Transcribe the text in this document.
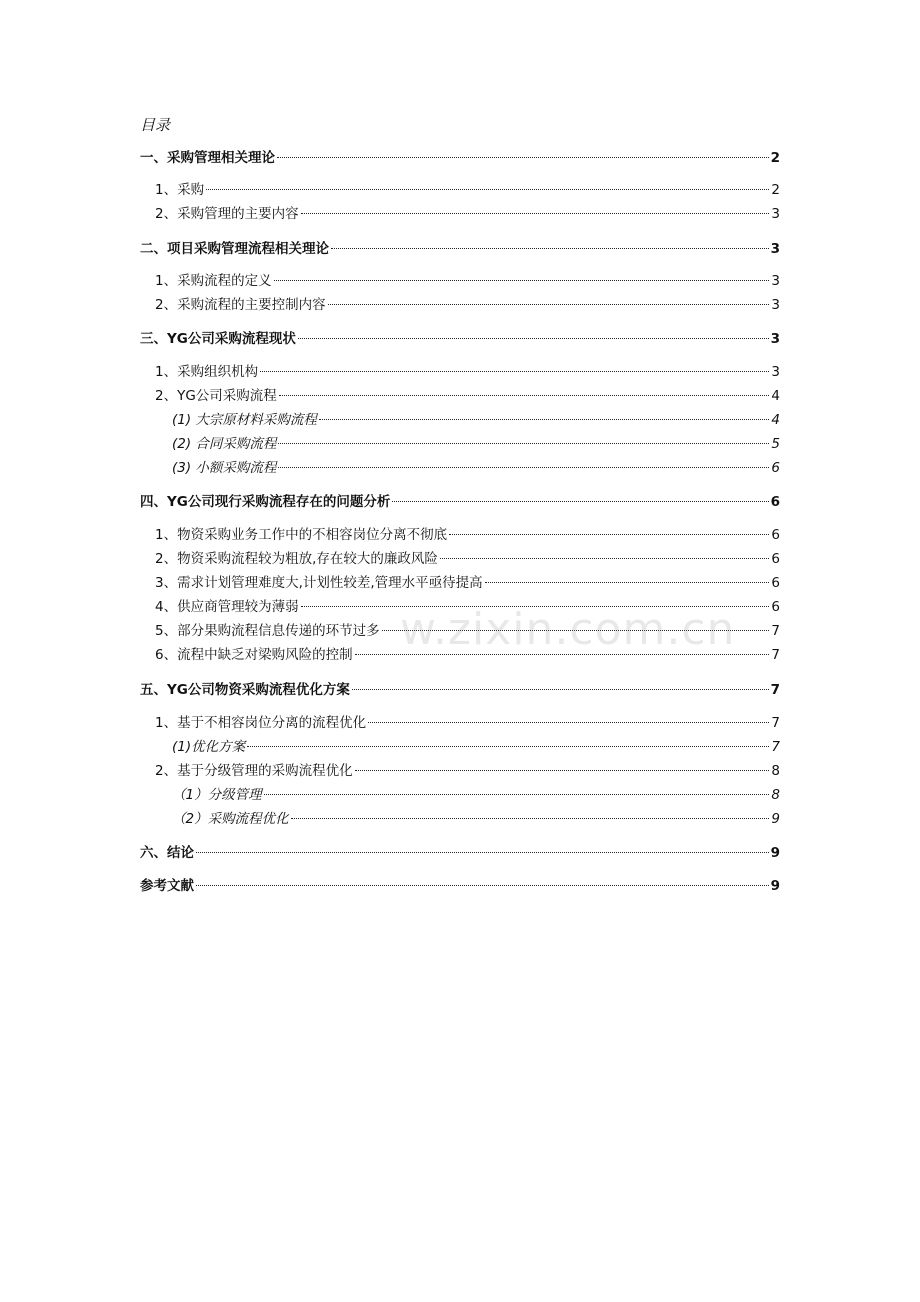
目录
一、采购管理相关理论	2
1、采购	2
2、采购管理的主要内容	3
二、项目采购管理流程相关理论	3
1、采购流程的定义	3
2、采购流程的主要控制内容	3
三、YG公司采购流程现状	3
1、采购组织机构	3
2、YG公司采购流程	4
(1) 大宗原材料采购流程	4
(2) 合同采购流程	5
(3) 小额采购流程	6
四、YG公司现行采购流程存在的问题分析	6
1、物资采购业务工作中的不相容岗位分离不彻底	6
2、物资采购流程较为粗放,存在较大的廉政风险	6
3、需求计划管理难度大,计划性较差,管理水平亟待提高	6
4、供应商管理较为薄弱	6
5、部分果购流程信息传递的环节过多	7
6、流程中缺乏对梁购风险的控制	7
五、YG公司物资采购流程优化方案	7
1、基于不相容岗位分离的流程优化	7
(1)优化方案	7
2、基于分级管理的采购流程优化	8
（1）分级管理	8
（2）采购流程优化	9
六、结论	9
参考文献	9
w.zixin.com.cn
